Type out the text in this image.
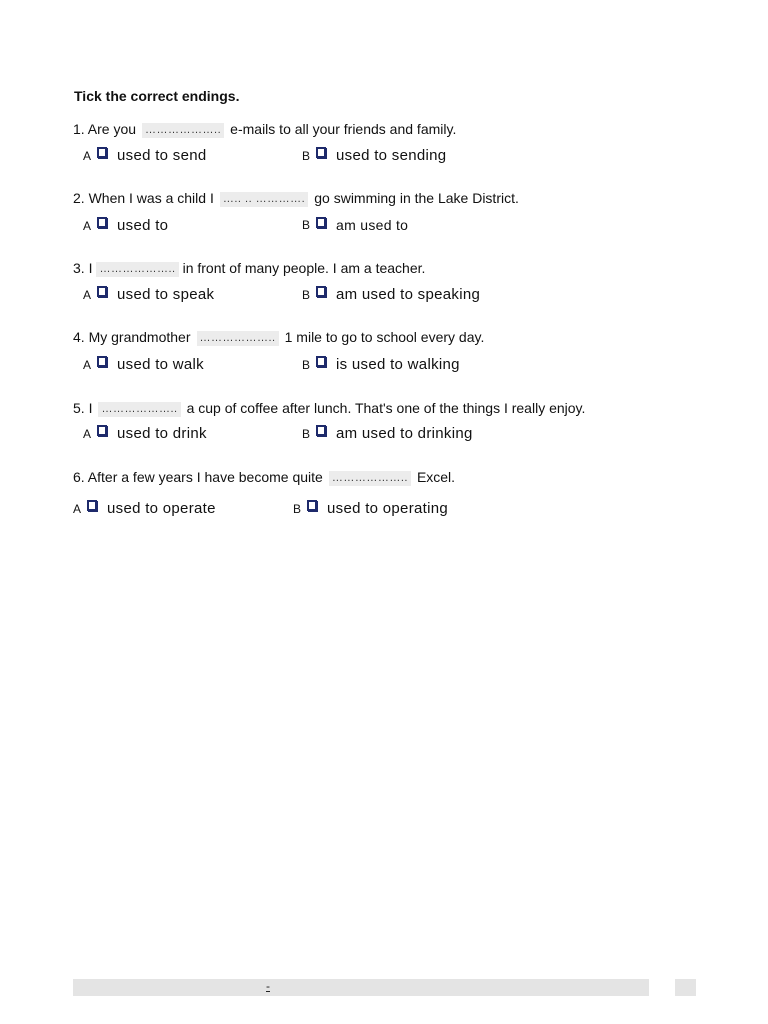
Tick the correct endings.
1. Are you ……………….. e-mails to all your friends and family.
A	used to send	B	used to sending
2. When I was a child I ….. .. …………. go swimming in the Lake District.
A	used to	B	am used to
3. I ……………….. in front of many people. I am a teacher.
A	used to speak	B	am used to speaking
4. My grandmother ……………….. 1 mile to go to school every day.
A	used to walk	B	is used to walking
5. I ……………….. a cup of coffee after lunch. That's one of the things I really enjoy.
A	used to drink	B	am used to drinking
6. After a few years I have become quite ……………….. Excel.
A	used to operate	B	used to operating
-
